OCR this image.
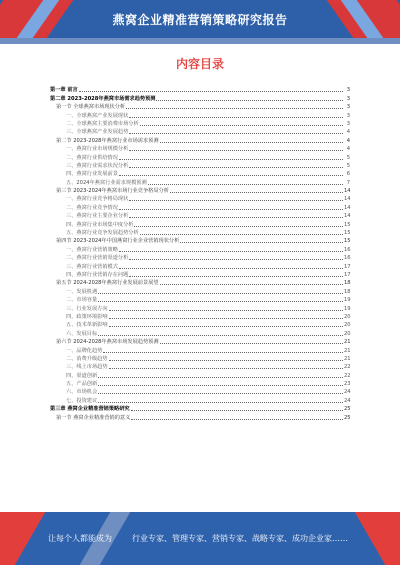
燕窝企业精准营销策略研究报告
内容目录
第一章 前言	3
第二章 2023-2028年燕窝市场需求趋势预测	3
第一节 全球燕窝市场现状分析	3
一、全球燕窝产业发展现状	3
二、全球燕窝主要消费市场分析	3
三、全球燕窝产业发展趋势	4
第二节 2023-2028年燕窝行业市场需求预测	4
一、燕窝行业市场规模分析	4
二、燕窝行业供给情况	5
三、燕窝行业需求状况分析	5
四、燕窝行业发展前景	6
五、2024年燕窝行业需求规模预测	7
第三节 2023-2024年燕窝市场行业竞争格局分析	14
一、燕窝行业竞争格局现状	14
二、燕窝行业竞争情况	14
三、燕窝行业主要企业分析	14
四、燕窝行业市场集中度分析	15
五、燕窝行业竞争发展趋势分析	15
第四节 2023-2024年中国燕窝行业企业营销现状分析	15
一、燕窝行业营销策略	16
二、燕窝行业营销渠道分析	16
三、燕窝行业营销模式	17
四、燕窝行业营销存在问题	17
第五节 2024-2028年燕窝行业发展前景展望	18
一、发展机遇	18
二、市场容量	19
三、行业发展方向	19
四、政策环境影响	20
五、技术革新影响	20
六、发展目标	20
第六节 2024-2028年燕窝市场发展趋势预测	21
一、品牌化趋势	21
二、消费升级趋势	21
三、线上市场趋势	22
四、渠道创新	22
五、产品创新	23
六、市场机会	24
七、投资建议	24
第三章 燕窝企业精准营销策略研究	25
第一节 燕窝企业精准营销的意义	25
让每个人都能成为	行业专家、管理专家、营销专家、战略专家、成功企业家……
